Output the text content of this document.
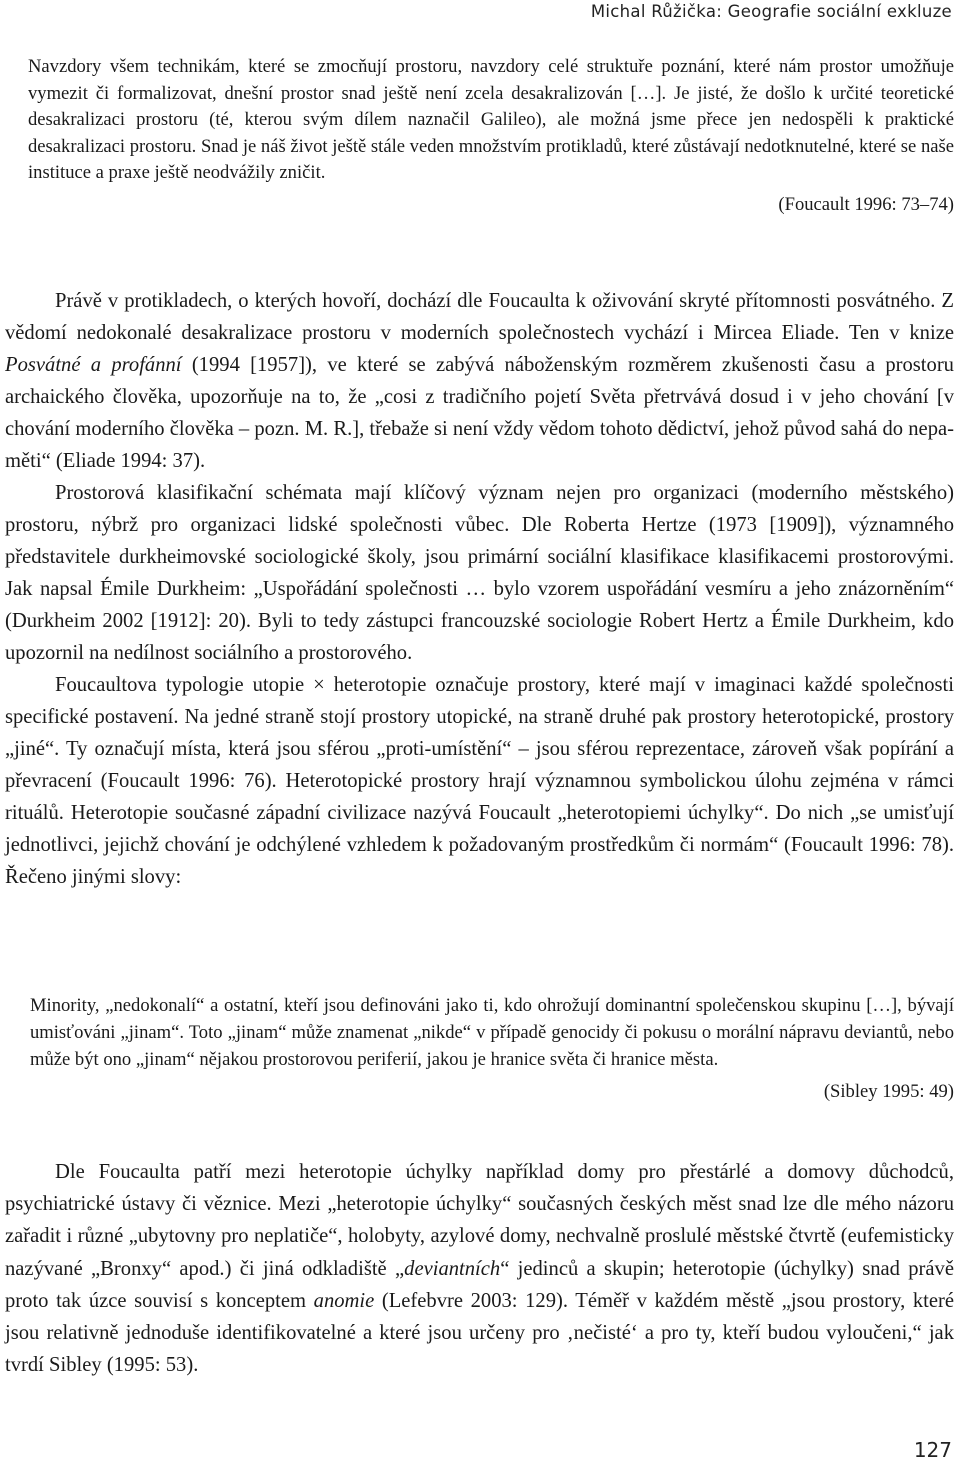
Michal Růžička: Geografie sociální exkluze

Navzdory všem technikám, které se zmocňují prostoru, navzdory celé struktuře poznání, které nám prostor umožňuje vymezit či formalizovat, dnešní prostor snad ještě není zcela desakralizován […]. Je jisté, že došlo k určité teoretické desakralizaci prostoru (té, kterou svým dílem naznačil Galileo), ale možná jsme přece jen nedospěli k praktické desakralizaci prostoru. Snad je náš život ještě stále veden množstvím protikladů, které zůstávají nedotknutelné, které se naše instituce a praxe ještě neodvážily zničit.

(Foucault 1996: 73–74)

Právě v protikladech, o kterých hovoří, dochází dle Foucaulta k oživování skryté přítomnosti posvátného. Z vědomí nedokonalé desakralizace prostoru v moderních společnostech vychází i Mircea Eliade. Ten v knize Posvátné a profánní (1994 [1957]), ve které se zabývá náboženským rozměrem zkušenosti času a prostoru archaického člověka, upozorňuje na to, že „cosi z tradičního pojetí Světa přetrvává dosud i v jeho chování [v chování moderního člověka – pozn. M. R.], třebaže si není vždy vědom tohoto dědictví, jehož původ sahá do nepaměti“ (Eliade 1994: 37).

Prostorová klasifikační schémata mají klíčový význam nejen pro organizaci (moderního městského) prostoru, nýbrž pro organizaci lidské společnosti vůbec. Dle Roberta Hertze (1973 [1909]), významného představitele durkheimovské sociologické školy, jsou primární sociální klasifikace klasifikacemi prostorovými. Jak napsal Émile Durkheim: „Uspořádání společnosti … bylo vzorem uspořádání vesmíru a jeho znázorněním“ (Durkheim 2002 [1912]: 20). Byli to tedy zástupci francouzské sociologie Robert Hertz a Émile Durkheim, kdo upozornil na nedílnost sociálního a prostorového.

Foucaultova typologie utopie × heterotopie označuje prostory, které mají v imaginaci každé společnosti specifické postavení. Na jedné straně stojí prostory utopické, na straně druhé pak prostory heterotopické, prostory „jiné“. Ty označují místa, která jsou sférou „proti-umístění“ – jsou sférou reprezentace, zároveň však popírání a převracení (Foucault 1996: 76). Heterotopické prostory hrají významnou symbolickou úlohu zejména v rámci rituálů. Heterotopie současné západní civilizace nazývá Foucault „heterotopiemi úchylky“. Do nich „se umisťují jednotlivci, jejichž chování je odchýlené vzhledem k požadovaným prostředkům či normám“ (Foucault 1996: 78). Řečeno jinými slovy:

Minority, „nedokonalí“ a ostatní, kteří jsou definováni jako ti, kdo ohrožují dominantní společenskou skupinu […], bývají umisťováni „jinam“. Toto „jinam“ může znamenat „nikde“ v případě genocidy či pokusu o morální nápravu deviantů, nebo může být ono „jinam“ nějakou prostorovou periferií, jakou je hranice světa či hranice města.

(Sibley 1995: 49)

Dle Foucaulta patří mezi heterotopie úchylky například domy pro přestárlé a domovy důchodců, psychiatrické ústavy či věznice. Mezi „heterotopie úchylky“ současných českých měst snad lze dle mého názoru zařadit i různé „ubytovny pro neplatiče“, holobyty, azylové domy, nechvalně proslulé městské čtvrtě (eufemisticky nazývané „Bronxy“ apod.) či jiná odkladiště „deviantních“ jedinců a skupin; heterotopie (úchylky) snad právě proto tak úzce souvisí s konceptem anomie (Lefebvre 2003: 129). Téměř v každém městě „jsou prostory, které jsou relativně jednoduše identifikovatelné a které jsou určeny pro ‚nečisté‘ a pro ty, kteří budou vyloučeni,“ jak tvrdí Sibley (1995: 53).

127
